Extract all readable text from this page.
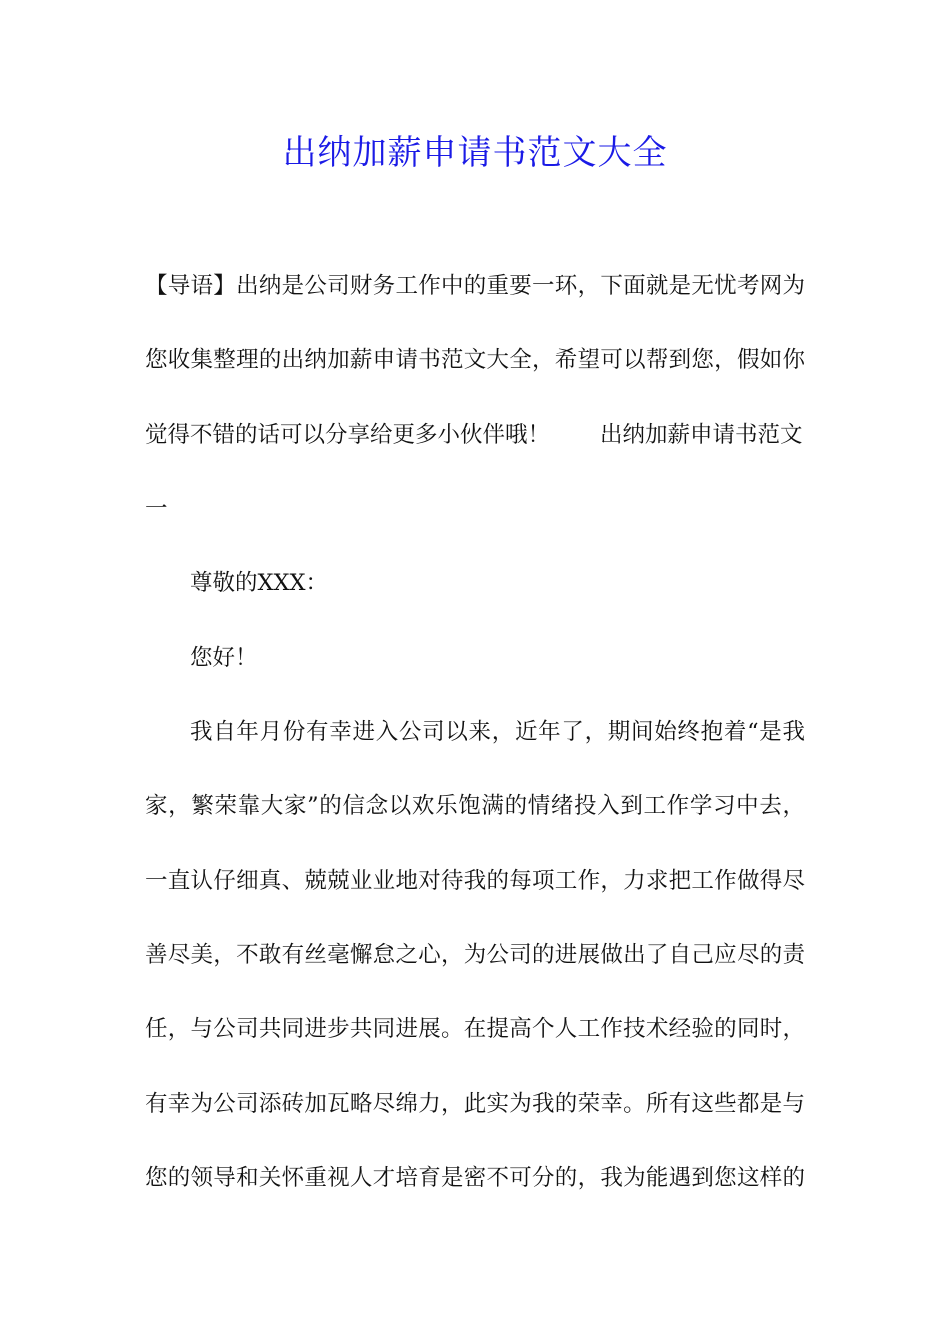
出纳加薪申请书范文大全
【导语】出纳是公司财务工作中的重要一环，下面就是无忧考网为
您收集整理的出纳加薪申请书范文大全，希望可以帮到您，假如你
觉得不错的话可以分享给更多小伙伴哦！ 出纳加薪申请书范文
一
尊敬的XXX：
您好！
我自年月份有幸进入公司以来，近年了，期间始终抱着“是我
家，繁荣靠大家”的信念以欢乐饱满的情绪投入到工作学习中去，
一直认仔细真、兢兢业业地对待我的每项工作，力求把工作做得尽
善尽美，不敢有丝毫懈怠之心，为公司的进展做出了自己应尽的责
任，与公司共同进步共同进展。在提高个人工作技术经验的同时，
有幸为公司添砖加瓦略尽绵力，此实为我的荣幸。所有这些都是与
您的领导和关怀重视人才培育是密不可分的，我为能遇到您这样的
